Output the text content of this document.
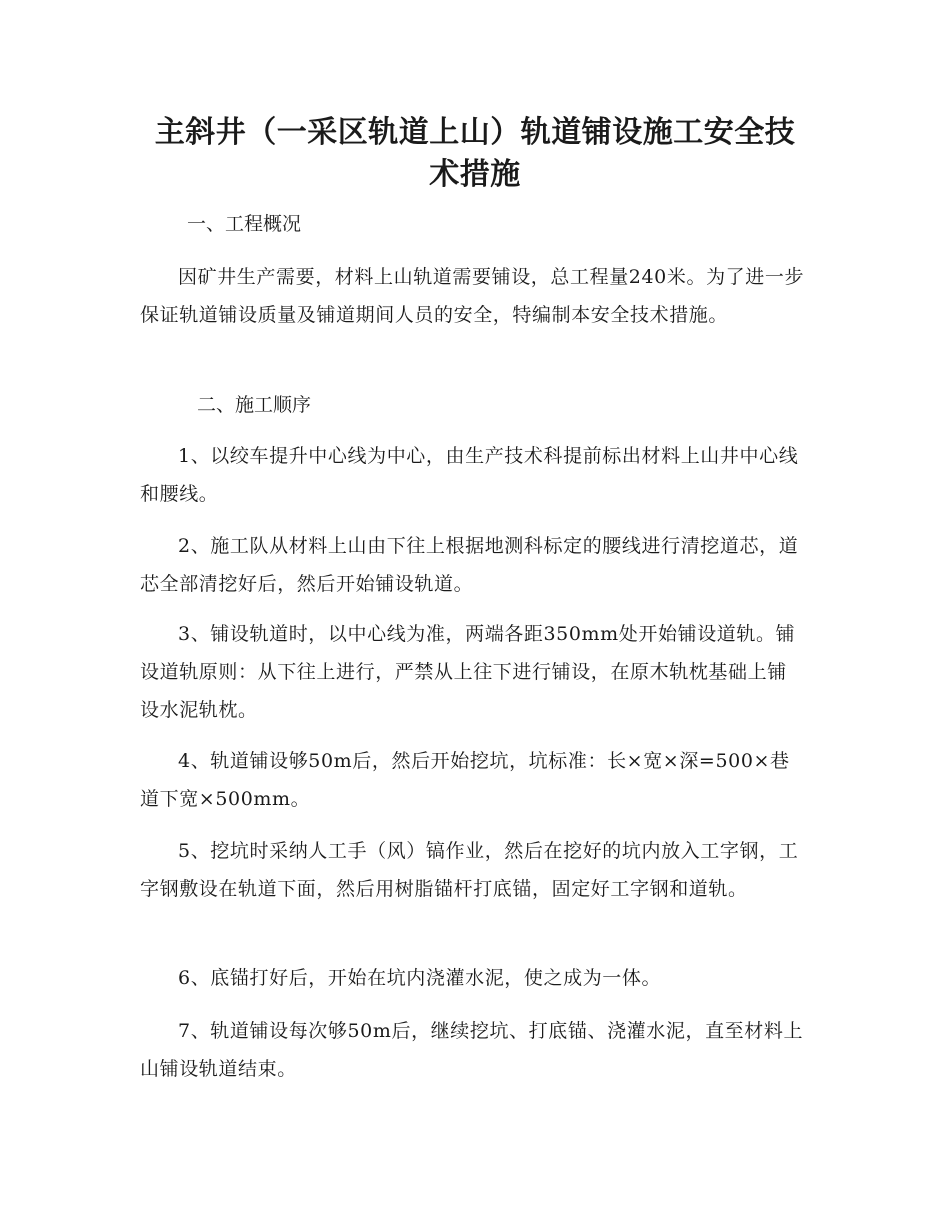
主斜井（一采区轨道上山）轨道铺设施工安全技术措施
一、工程概况
因矿井生产需要，材料上山轨道需要铺设，总工程量240米。为了进一步保证轨道铺设质量及铺道期间人员的安全，特编制本安全技术措施。
二、施工顺序
1、以绞车提升中心线为中心，由生产技术科提前标出材料上山井中心线和腰线。
2、施工队从材料上山由下往上根据地测科标定的腰线进行清挖道芯，道芯全部清挖好后，然后开始铺设轨道。
3、铺设轨道时，以中心线为准，两端各距350mm处开始铺设道轨。铺设道轨原则：从下往上进行，严禁从上往下进行铺设，在原木轨枕基础上铺设水泥轨枕。
4、轨道铺设够50m后，然后开始挖坑，坑标准：长×宽×深=500×巷道下宽×500mm。
5、挖坑时采纳人工手（风）镐作业，然后在挖好的坑内放入工字钢，工字钢敷设在轨道下面，然后用树脂锚杆打底锚，固定好工字钢和道轨。
6、底锚打好后，开始在坑内浇灌水泥，使之成为一体。
7、轨道铺设每次够50m后，继续挖坑、打底锚、浇灌水泥，直至材料上山铺设轨道结束。
